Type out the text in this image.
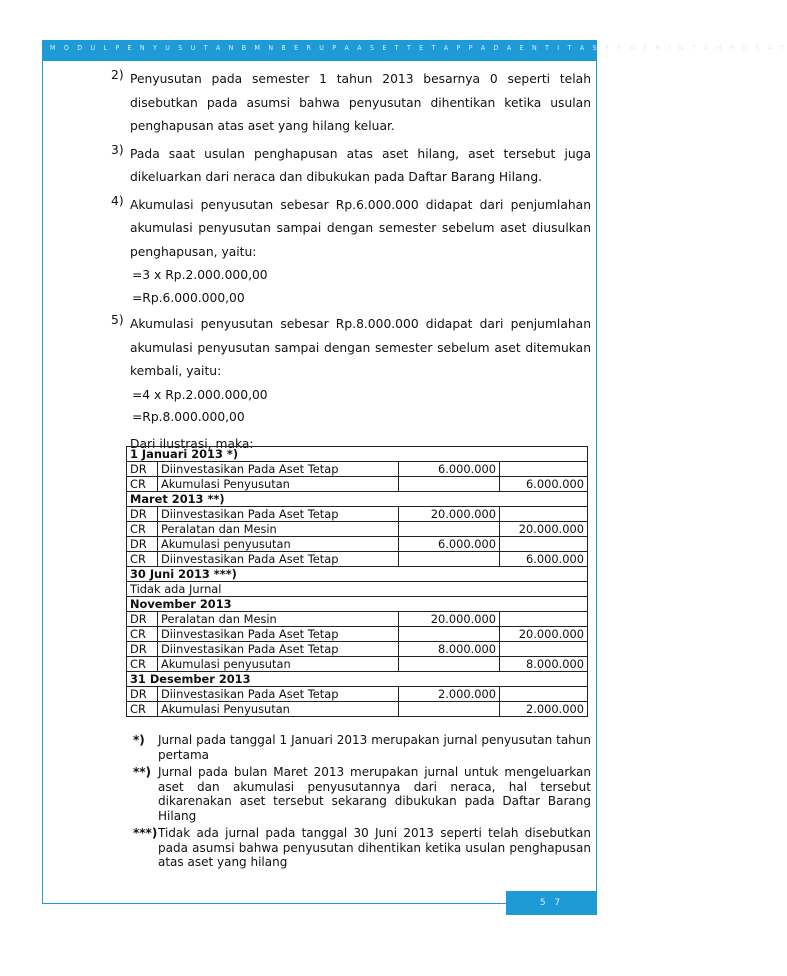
M O D U L P E N Y U S U T A N B M N B E R U P A A S E T T E T A P P A D A E N T I T A S P E M E R I N T A H P U S A T
5 7
2) Penyusutan pada semester 1 tahun 2013 besarnya 0 seperti telah disebutkan pada asumsi bahwa penyusutan dihentikan ketika usulan penghapusan atas aset yang hilang keluar.

3) Pada saat usulan penghapusan atas aset hilang, aset tersebut juga dikeluarkan dari neraca dan dibukukan pada Daftar Barang Hilang.

4) Akumulasi penyusutan sebesar Rp.6.000.000 didapat dari penjumlahan akumulasi penyusutan sampai dengan semester sebelum aset diusulkan penghapusan, yaitu:

=3 x Rp.2.000.000,00
=Rp.6.000.000,00
5) Akumulasi penyusutan sebesar Rp.8.000.000 didapat dari penjumlahan akumulasi penyusutan sampai dengan semester sebelum aset ditemukan kembali, yaitu:

=4 x Rp.2.000.000,00
=Rp.8.000.000,00
Dari ilustrasi, maka:
1 Januari 2013 *)			
DR	Diinvestasikan Pada Aset Tetap	6.000.000	
CR	Akumulasi Penyusutan		6.000.000
Maret 2013 **)			
DR	Diinvestasikan Pada Aset Tetap	20.000.000	
CR	Peralatan dan Mesin		20.000.000
DR	Akumulasi penyusutan	6.000.000	
CR	Diinvestasikan Pada Aset Tetap		6.000.000
30 Juni 2013 ***)			
Tidak ada Jurnal			
November 2013			
DR	Peralatan dan Mesin	20.000.000	
CR	Diinvestasikan Pada Aset Tetap		20.000.000
DR	Diinvestasikan Pada Aset Tetap	8.000.000	
CR	Akumulasi penyusutan		8.000.000
31 Desember 2013			
DR	Diinvestasikan Pada Aset Tetap	2.000.000	
CR	Akumulasi Penyusutan		2.000.000
*) Jurnal pada tanggal 1 Januari 2013 merupakan jurnal penyusutan tahun pertama
**) Jurnal pada bulan Maret 2013 merupakan jurnal untuk mengeluarkan aset dan akumulasi penyusutannya dari neraca, hal tersebut dikarenakan aset tersebut sekarang dibukukan pada Daftar Barang Hilang
***) Tidak ada jurnal pada tanggal 30 Juni 2013 seperti telah disebutkan pada asumsi bahwa penyusutan dihentikan ketika usulan penghapusan atas aset yang hilang
